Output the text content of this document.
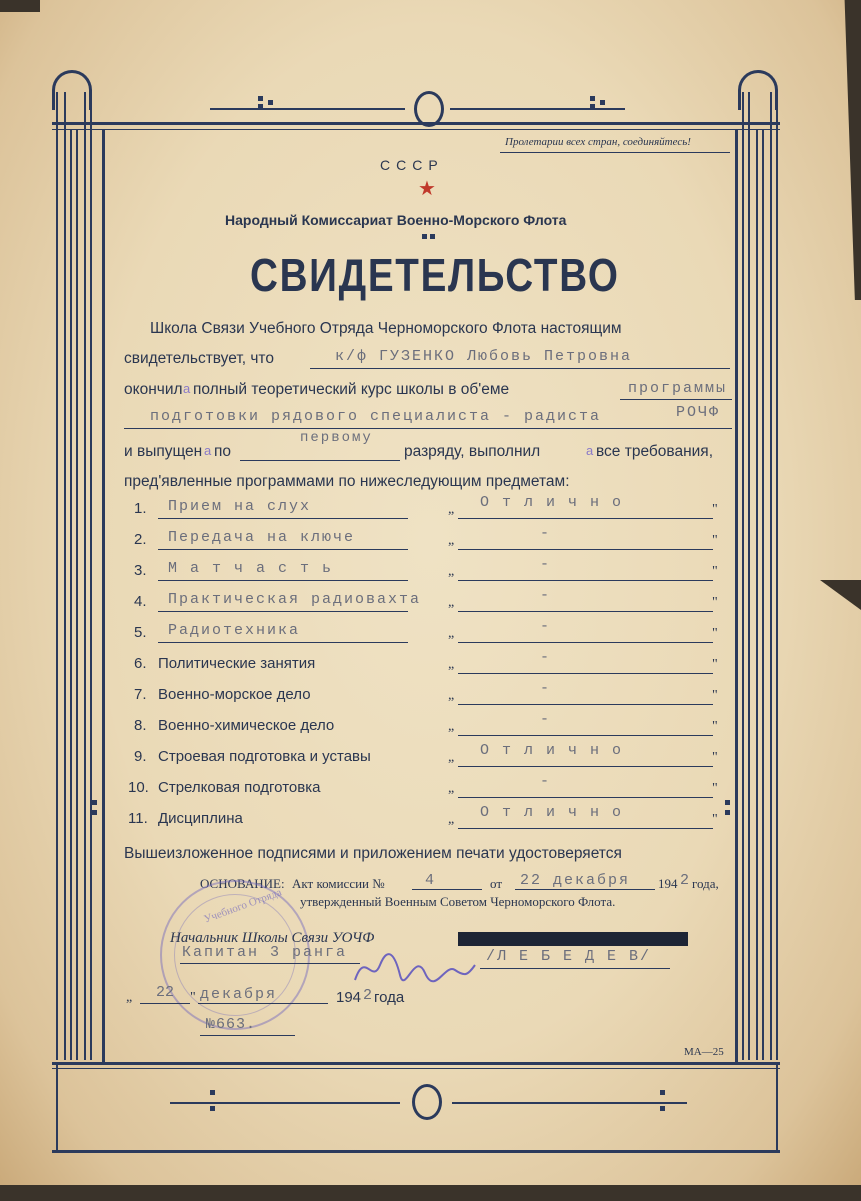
Пролетарии всех стран, соединяйтесь!
СССР
★
Народный Комиссариат Военно-Морского Флота
СВИДЕТЕЛЬСТВО
Школа Связи Учебного Отряда Черноморского Флота настоящим
свидетельствует, что	к/ф ГУЗЕНКО Любовь Петровна
окончил а полный теоретический курс школы в об'еме	программы
подготовки рядового специалиста - радиста	РОЧФ
и выпущен а по
первому
разряду, выполнил	а все требования,
пред'явленные программами по нижеследующим предметам:
1. Прием на слух	„ О т л и ч н о	"
2. Передача на ключе	„	-	"
3. М а т ч а с т ь	„	-	"
4. Практическая радиовахта „	-	"
5. Радиотехника	„	-	"
6. Политические занятия	„	-	"
7. Военно-морское дело	„	-	"
8. Военно-химическое дело	„	-	"
9. Строевая подготовка и уставы	„ О т л и ч н о	"
10. Стрелковая подготовка	„	-	"
11. Дисциплина	„ О т л и ч н о	"
Вышеизложенное подписями и приложением печати удостоверяется
ОСНОВАНИЕ: Акт комиссии №	4	от 22 декабря 194 2 года,
утвержденный Военным Советом Черноморского Флота.
Учебного Отряда
Начальник Школы Связи УОЧФ
Капитан 3 ранга	/Л Е Б Е Д Е В/
„ 22 " декабря	194 2 года
№663.
МА—25
